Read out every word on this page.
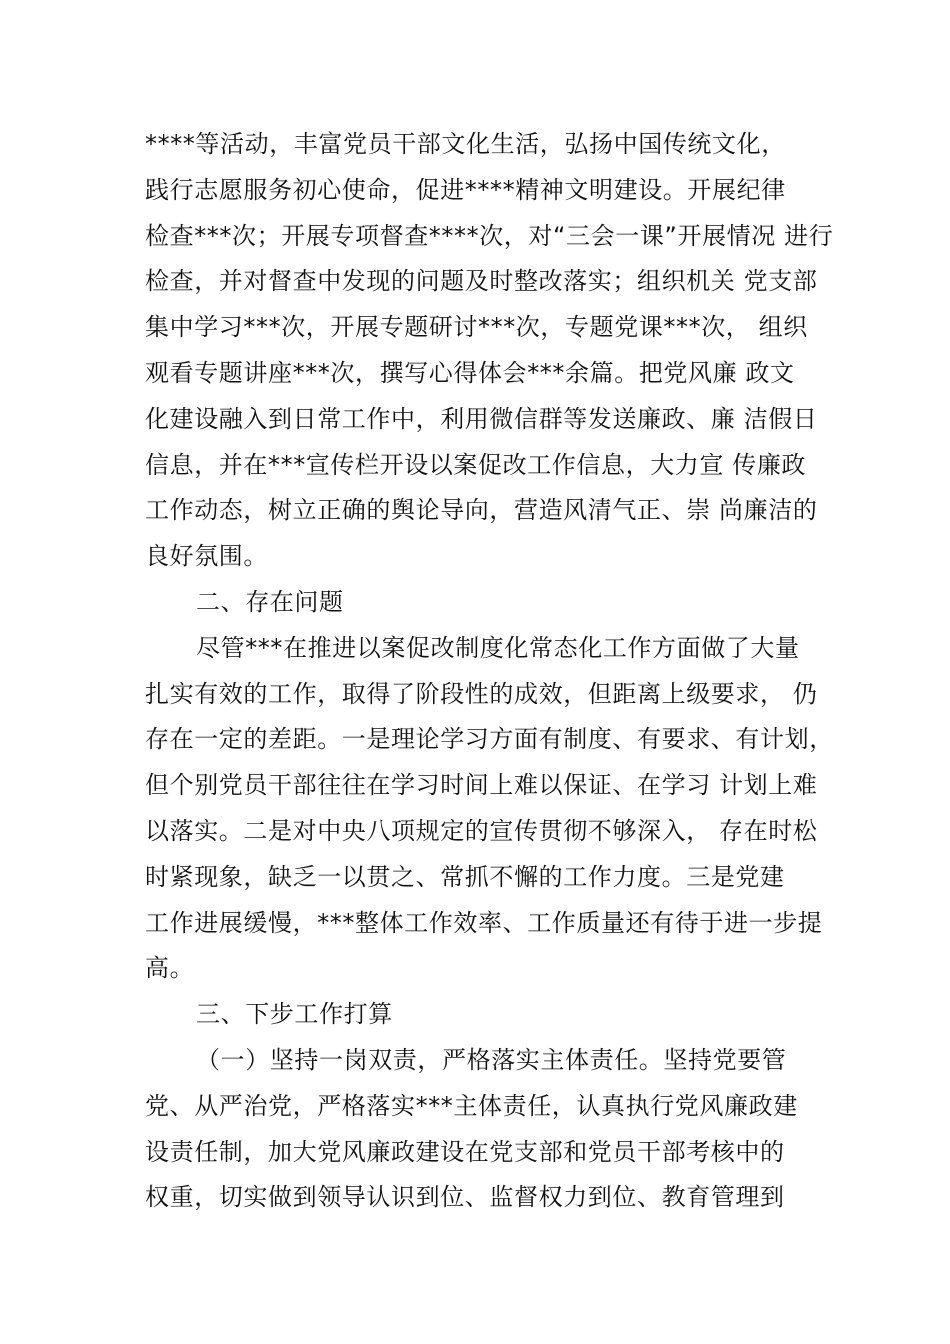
****等活动，丰富党员干部文化生活，弘扬中国传统文化，
践行志愿服务初心使命，促进****精神文明建设。开展纪律
检查***次；开展专项督查****次，对“三会一课”开展情况 进行
检查，并对督查中发现的问题及时整改落实；组织机关 党支部
集中学习***次，开展专题研讨***次，专题党课***次， 组织
观看专题讲座***次，撰写心得体会***余篇。把党风廉 政文
化建设融入到日常工作中，利用微信群等发送廉政、廉 洁假日
信息，并在***宣传栏开设以案促改工作信息，大力宣 传廉政
工作动态，树立正确的舆论导向，营造风清气正、崇 尚廉洁的
良好氛围。
二、存在问题
尽管***在推进以案促改制度化常态化工作方面做了大量
扎实有效的工作，取得了阶段性的成效，但距离上级要求， 仍
存在一定的差距。一是理论学习方面有制度、有要求、有计划，
但个别党员干部往往在学习时间上难以保证、在学习 计划上难
以落实。二是对中央八项规定的宣传贯彻不够深入， 存在时松
时紧现象，缺乏一以贯之、常抓不懈的工作力度。三是党建
工作进展缓慢，***整体工作效率、工作质量还有待于进一步提
高。
三、下步工作打算
（一）坚持一岗双责，严格落实主体责任。坚持党要管
党、从严治党，严格落实***主体责任，认真执行党风廉政建
设责任制，加大党风廉政建设在党支部和党员干部考核中的
权重，切实做到领导认识到位、监督权力到位、教育管理到
